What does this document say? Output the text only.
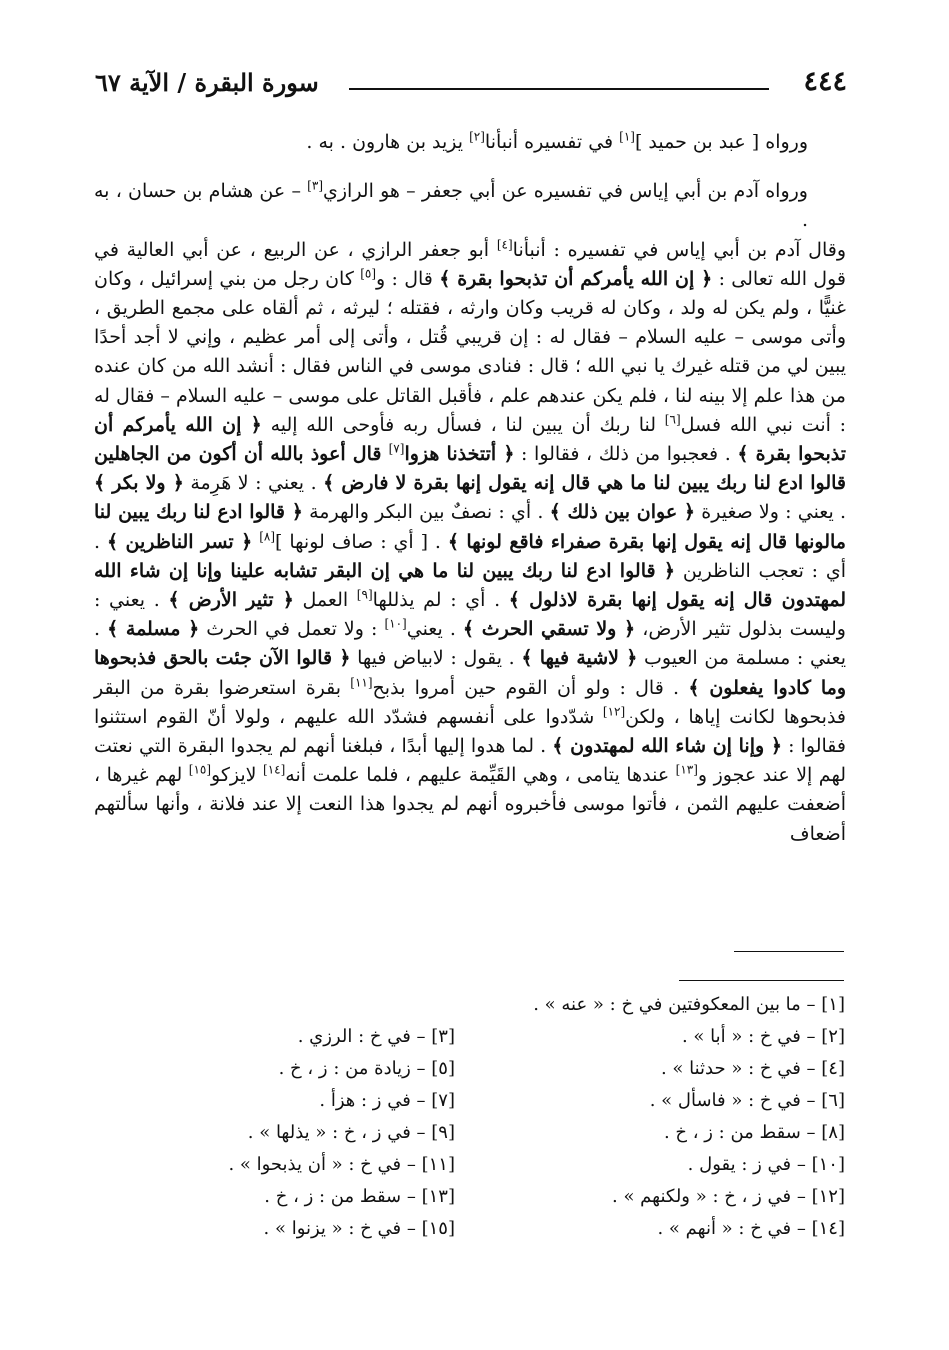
٤٤٤
سورة البقرة / الآية ٦٧

ورواه [ عبد بن حميد ][١] في تفسيره أنبأنا[٢] يزيد بن هارون . به .

ورواه آدم بن أبي إياس في تفسيره عن أبي جعفر – هو الرازي[٣] – عن هشام بن حسان ، به .

وقال آدم بن أبي إياس في تفسيره : أنبأنا[٤] أبو جعفر الرازي ، عن الربيع ، عن أبي العالية في قول الله تعالى : ﴿ إن الله يأمركم أن تذبحوا بقرة ﴾ قال : و[٥] كان رجل من بني إسرائيل ، وكان غنيًّا ، ولم يكن له ولد ، وكان له قريب وكان وارثه ، فقتله ؛ ليرثه ، ثم ألقاه على مجمع الطريق ، وأتى موسى – عليه السلام – فقال له : إن قريبي قُتل ، وأتى إلى أمر عظيم ، وإني لا أجد أحدًا يبين لي من قتله غيرك يا نبي الله ؛ قال : فنادى موسى في الناس فقال : أنشد الله من كان عنده من هذا علم إلا بينه لنا ، فلم يكن عندهم علم ، فأقبل القاتل على موسى – عليه السلام – فقال له : أنت نبي الله فسل[٦] لنا ربك أن يبين لنا ، فسأل ربه فأوحى الله إليه ﴿ إن الله يأمركم أن تذبحوا بقرة ﴾ . فعجبوا من ذلك ، فقالوا : ﴿ أتتخذنا هزوا[٧] قال أعوذ بالله أن أكون من الجاهلين قالوا ادع لنا ربك يبين لنا ما هي قال إنه يقول إنها بقرة لا فارض ﴾ . يعني : لا هَرِمة ﴿ ولا بكر ﴾ . يعني : ولا صغيرة ﴿ عوان بين ذلك ﴾ . أي : نصفٌ بين البكر والهرمة ﴿ قالوا ادع لنا ربك يبين لنا مالونها قال إنه يقول إنها بقرة صفراء فاقع لونها ﴾ . [ أي : صاف لونها ][٨] ﴿ تسر الناظرين ﴾ . أي : تعجب الناظرين ﴿ قالوا ادع لنا ربك يبين لنا ما هي إن البقر تشابه علينا وإنا إن شاء الله لمهتدون قال إنه يقول إنها بقرة لاذلول ﴾ . أي : لم يذللها[٩] العمل ﴿ تثير الأرض ﴾ . يعني : وليست بذلول تثير الأرض، ﴿ ولا تسقي الحرث ﴾ . يعني[١٠] : ولا تعمل في الحرث ﴿ مسلمة ﴾ . يعني : مسلمة من العيوب ﴿ لاشية فيها ﴾ . يقول : لابياض فيها ﴿ قالوا الآن جئت بالحق فذبحوها وما كادوا يفعلون ﴾ . قال : ولو أن القوم حين أمروا بذبح[١١] بقرة استعرضوا بقرة من البقر فذبحوها لكانت إياها ، ولكن[١٢] شدّدوا على أنفسهم فشدّد الله عليهم ، ولولا أنّ القوم استثنوا فقالوا : ﴿ وإنا إن شاء الله لمهتدون ﴾ . لما هدوا إليها أبدًا ، فبلغنا أنهم لم يجدوا البقرة التي نعتت لهم إلا عند عجوز و[١٣] عندها يتامى ، وهي القَيِّمة عليهم ، فلما علمت أنه[١٤] لايزكو[١٥] لهم غيرها ، أضعفت عليهم الثمن ، فأتوا موسى فأخبروه أنهم لم يجدوا هذا النعت إلا عند فلانة ، وأنها سألتهم أضعاف

[١] – ما بين المعكوفتين في خ : « عنه » .
[٢] – في خ : « أبا » .
[٣] – في خ : الرزي .
[٤] – في خ : « حدثنا » .
[٥] – زيادة من : ز ، خ .
[٦] – في خ : « فاسأل » .
[٧] – في ز : هزأ .
[٨] – سقط من : ز ، خ .
[٩] – في ز ، خ : « يذلها » .
[١٠] – في ز : يقول .
[١١] – في خ : « أن يذبحوا » .
[١٢] – في ز ، خ : « ولكنهم » .
[١٣] – سقط من : ز ، خ .
[١٤] – في خ : « أنهم » .
[١٥] – في خ : « يزنوا » .
